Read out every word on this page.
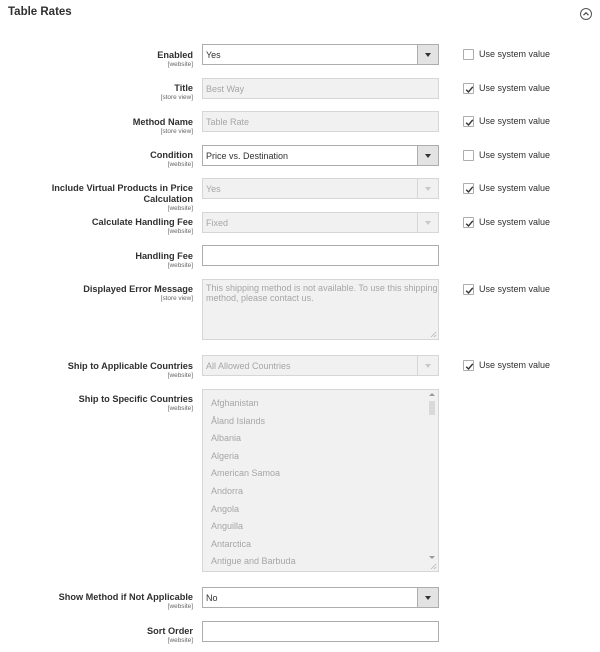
Table Rates
Enabled
[website]
Yes	Use system value
Title
[store view]
Best Way	Use system value
Method Name
[store view]
Table Rate	Use system value
Condition
[website]
Price vs. Destination	Use system value
Include Virtual Products in Price Calculation
[website]
Yes	Use system value
Calculate Handling Fee
[website]
Fixed	Use system value
Handling Fee
[website]
Displayed Error Message
[store view]
This shipping method is not available. To use this shipping method, please contact us.
Use system value
Ship to Applicable Countries
[website]
All Allowed Countries	Use system value
Ship to Specific Countries
[website]
Afghanistan
Åland Islands
Albania
Algeria
American Samoa
Andorra
Angola
Anguilla
Antarctica
Antigue and Barbuda
Show Method if Not Applicable
[website]
No
Sort Order
[website]
